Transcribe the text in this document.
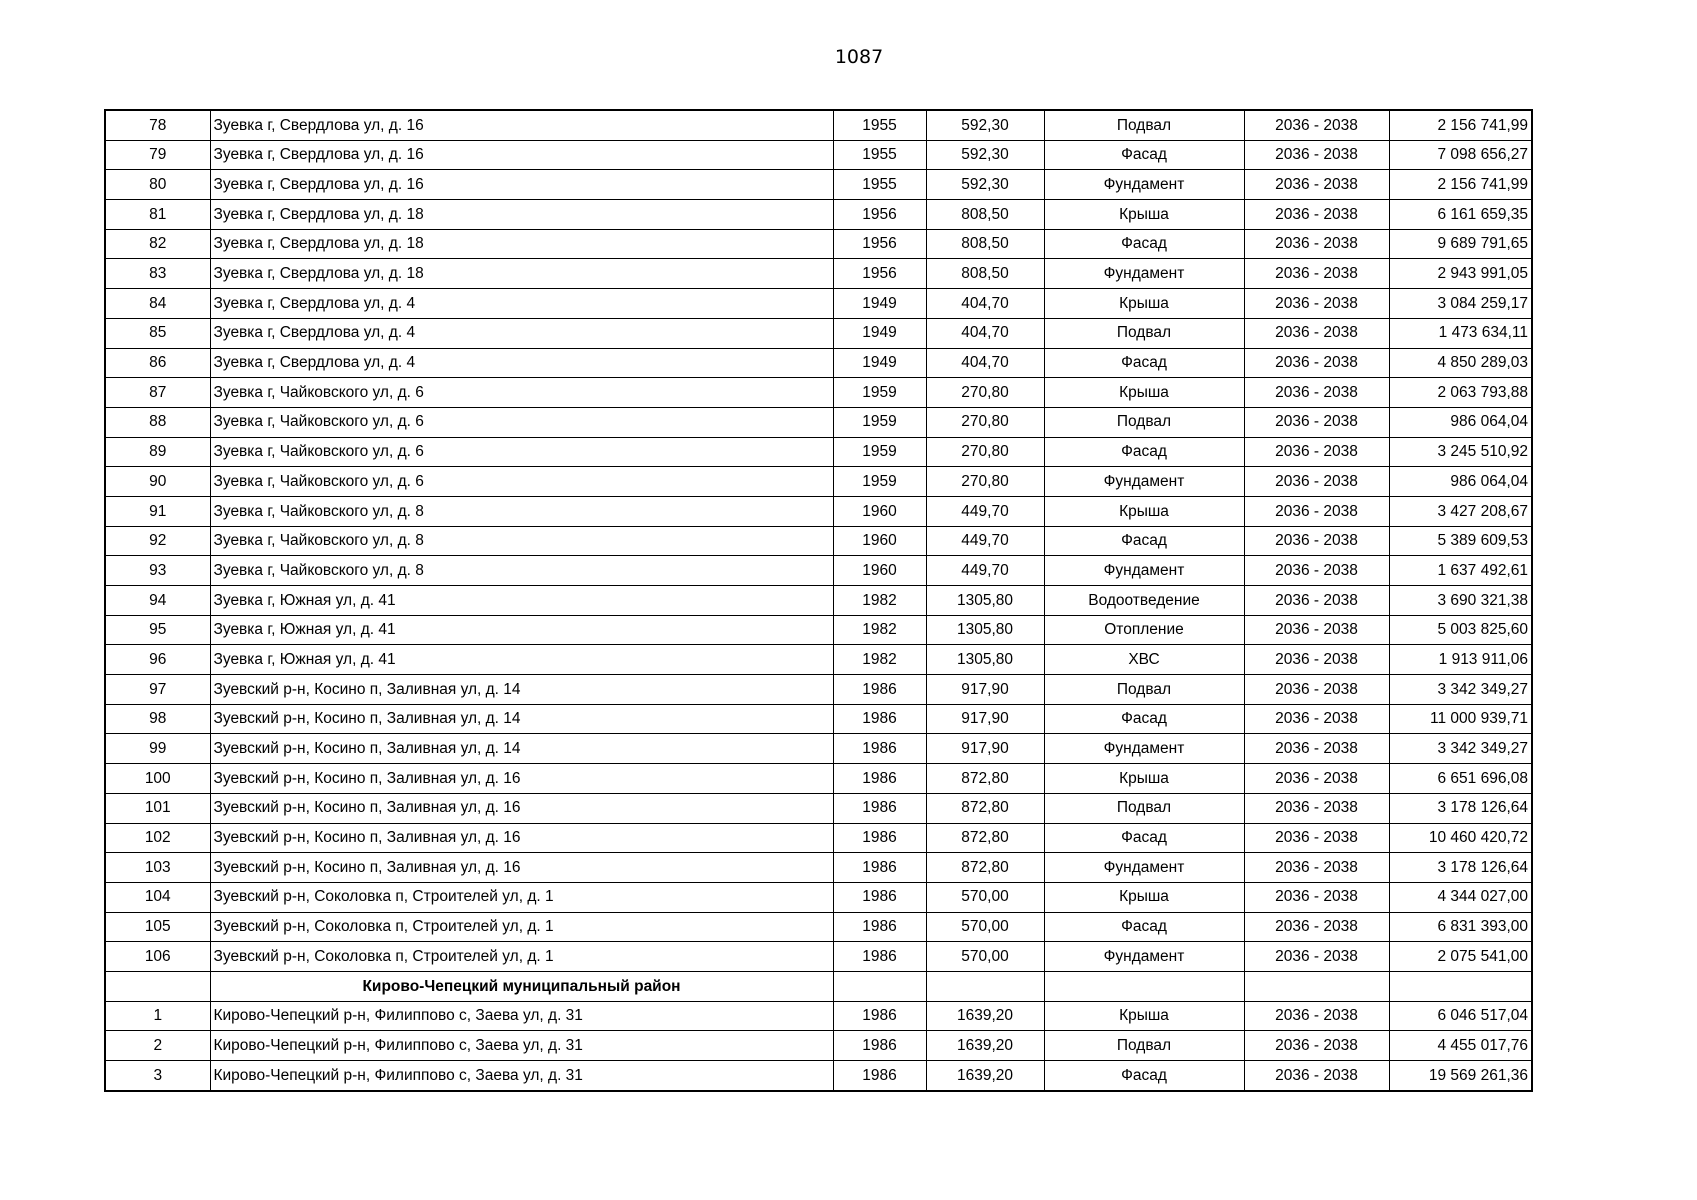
1087
78	Зуевка г, Свердлова ул, д. 16	1955	592,30	Подвал	2036 - 2038	2 156 741,99
79	Зуевка г, Свердлова ул, д. 16	1955	592,30	Фасад	2036 - 2038	7 098 656,27
80	Зуевка г, Свердлова ул, д. 16	1955	592,30	Фундамент	2036 - 2038	2 156 741,99
81	Зуевка г, Свердлова ул, д. 18	1956	808,50	Крыша	2036 - 2038	6 161 659,35
82	Зуевка г, Свердлова ул, д. 18	1956	808,50	Фасад	2036 - 2038	9 689 791,65
83	Зуевка г, Свердлова ул, д. 18	1956	808,50	Фундамент	2036 - 2038	2 943 991,05
84	Зуевка г, Свердлова ул, д. 4	1949	404,70	Крыша	2036 - 2038	3 084 259,17
85	Зуевка г, Свердлова ул, д. 4	1949	404,70	Подвал	2036 - 2038	1 473 634,11
86	Зуевка г, Свердлова ул, д. 4	1949	404,70	Фасад	2036 - 2038	4 850 289,03
87	Зуевка г, Чайковского ул, д. 6	1959	270,80	Крыша	2036 - 2038	2 063 793,88
88	Зуевка г, Чайковского ул, д. 6	1959	270,80	Подвал	2036 - 2038	986 064,04
89	Зуевка г, Чайковского ул, д. 6	1959	270,80	Фасад	2036 - 2038	3 245 510,92
90	Зуевка г, Чайковского ул, д. 6	1959	270,80	Фундамент	2036 - 2038	986 064,04
91	Зуевка г, Чайковского ул, д. 8	1960	449,70	Крыша	2036 - 2038	3 427 208,67
92	Зуевка г, Чайковского ул, д. 8	1960	449,70	Фасад	2036 - 2038	5 389 609,53
93	Зуевка г, Чайковского ул, д. 8	1960	449,70	Фундамент	2036 - 2038	1 637 492,61
94	Зуевка г, Южная ул, д. 41	1982	1305,80	Водоотведение	2036 - 2038	3 690 321,38
95	Зуевка г, Южная ул, д. 41	1982	1305,80	Отопление	2036 - 2038	5 003 825,60
96	Зуевка г, Южная ул, д. 41	1982	1305,80	ХВС	2036 - 2038	1 913 911,06
97	Зуевский р-н, Косино п, Заливная ул, д. 14	1986	917,90	Подвал	2036 - 2038	3 342 349,27
98	Зуевский р-н, Косино п, Заливная ул, д. 14	1986	917,90	Фасад	2036 - 2038	11 000 939,71
99	Зуевский р-н, Косино п, Заливная ул, д. 14	1986	917,90	Фундамент	2036 - 2038	3 342 349,27
100	Зуевский р-н, Косино п, Заливная ул, д. 16	1986	872,80	Крыша	2036 - 2038	6 651 696,08
101	Зуевский р-н, Косино п, Заливная ул, д. 16	1986	872,80	Подвал	2036 - 2038	3 178 126,64
102	Зуевский р-н, Косино п, Заливная ул, д. 16	1986	872,80	Фасад	2036 - 2038	10 460 420,72
103	Зуевский р-н, Косино п, Заливная ул, д. 16	1986	872,80	Фундамент	2036 - 2038	3 178 126,64
104	Зуевский р-н, Соколовка п, Строителей ул, д. 1	1986	570,00	Крыша	2036 - 2038	4 344 027,00
105	Зуевский р-н, Соколовка п, Строителей ул, д. 1	1986	570,00	Фасад	2036 - 2038	6 831 393,00
106	Зуевский р-н, Соколовка п, Строителей ул, д. 1	1986	570,00	Фундамент	2036 - 2038	2 075 541,00
	Кирово-Чепецкий муниципальный район					
1	Кирово-Чепецкий р-н, Филиппово с, Заева ул, д. 31	1986	1639,20	Крыша	2036 - 2038	6 046 517,04
2	Кирово-Чепецкий р-н, Филиппово с, Заева ул, д. 31	1986	1639,20	Подвал	2036 - 2038	4 455 017,76
3	Кирово-Чепецкий р-н, Филиппово с, Заева ул, д. 31	1986	1639,20	Фасад	2036 - 2038	19 569 261,36
